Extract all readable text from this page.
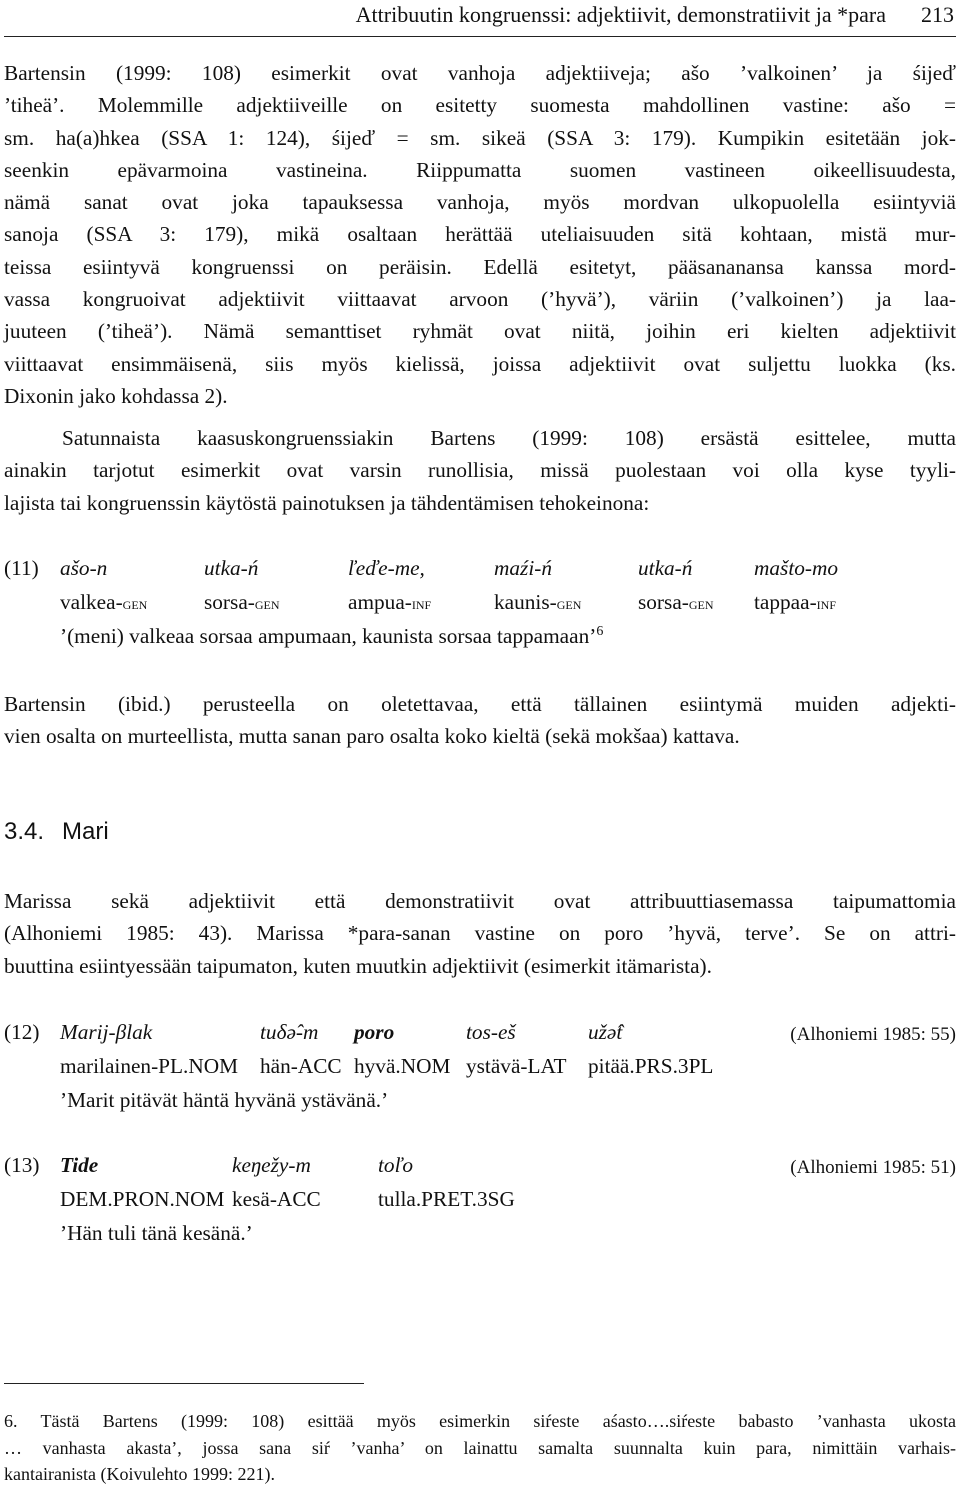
Attribuutin kongruenssi: adjektiivit, demonstratiivit ja *para 213
Bartensin (1999: 108) esimerkit ovat vanhoja adjektiiveja; ašo ’valkoinen’ ja śijeď
’tiheä’. Molemmille adjektiiveille on esitetty suomesta mahdollinen vastine: ašo =
sm. ha(a)hkea (SSA 1: 124), śijeď = sm. sikeä (SSA 3: 179). Kumpikin esitetään jok-
seenkin epävarmoina vastineina. Riippumatta suomen vastineen oikeellisuudesta,
nämä sanat ovat joka tapauksessa vanhoja, myös mordvan ulkopuolella esiintyviä
sanoja (SSA 3: 179), mikä osaltaan herättää uteliaisuuden sitä kohtaan, mistä mur-
teissa esiintyvä kongruenssi on peräisin. Edellä esitetyt, pääsananansa kanssa mord-
vassa kongruoivat adjektiivit viittaavat arvoon (’hyvä’), väriin (’valkoinen’) ja laa-
juuteen (’tiheä’). Nämä semanttiset ryhmät ovat niitä, joihin eri kielten adjektiivit
viittaavat ensimmäisenä, siis myös kielissä, joissa adjektiivit ovat suljettu luokka (ks.
Dixonin jako kohdassa 2).
Satunnaista kaasuskongruenssiakin Bartens (1999: 108) ersästä esittelee, mutta
ainakin tarjotut esimerkit ovat varsin runollisia, missä puolestaan voi olla kyse tyyli-
lajista tai kongruenssin käytöstä painotuksen ja tähdentämisen tehokeinona:
(11) ašo-n	utka-ń	ľeďe-me,	maźi-ń	utka-ń	mašto-mo
valkea-gen	sorsa-gen	ampua-inf	kaunis-gen	sorsa-gen tappaa-inf
’(meni) valkeaa sorsaa ampumaan, kaunista sorsaa tappamaan’$^6$
Bartensin (ibid.) perusteella on oletettavaa, että tällainen esiintymä muiden adjekti-
vien osalta on murteellista, mutta sanan paro osalta koko kieltä (sekä mokšaa) kattava.
3.4. Mari
Marissa sekä adjektiivit että demonstratiivit ovat attribuuttiasemassa taipumattomia
(Alhoniemi 1985: 43). Marissa *para-sanan vastine on poro ’hyvä, terve’. Se on attri-
buuttina esiintyessään taipumaton, kuten muutkin adjektiivit (esimerkit itämarista).
(12) Marij-βlak	tuδə̂-m poro	tos-eš	užə̂t	(Alhoniemi 1985: 55)
marilainen-PL.NOM hän-ACC hyvä.NOM ystävä-LAT pitää.PRS.3PL
’Marit pitävät häntä hyvänä ystävänä.’
(13) Tide	keŋežy-m	toľo	(Alhoniemi 1985: 51)
DEM.PRON.NOM kesä-ACC	tulla.PRET.3SG
’Hän tuli tänä kesänä.’
6. Tästä Bartens (1999: 108) esittää myös esimerkin siŕeste aśasto….siŕeste babasto ’vanhasta ukosta
… vanhasta akasta’, jossa sana siŕ ’vanha’ on lainattu samalta suunnalta kuin para, nimittäin varhais-
kantairanista (Koivulehto 1999: 221).
